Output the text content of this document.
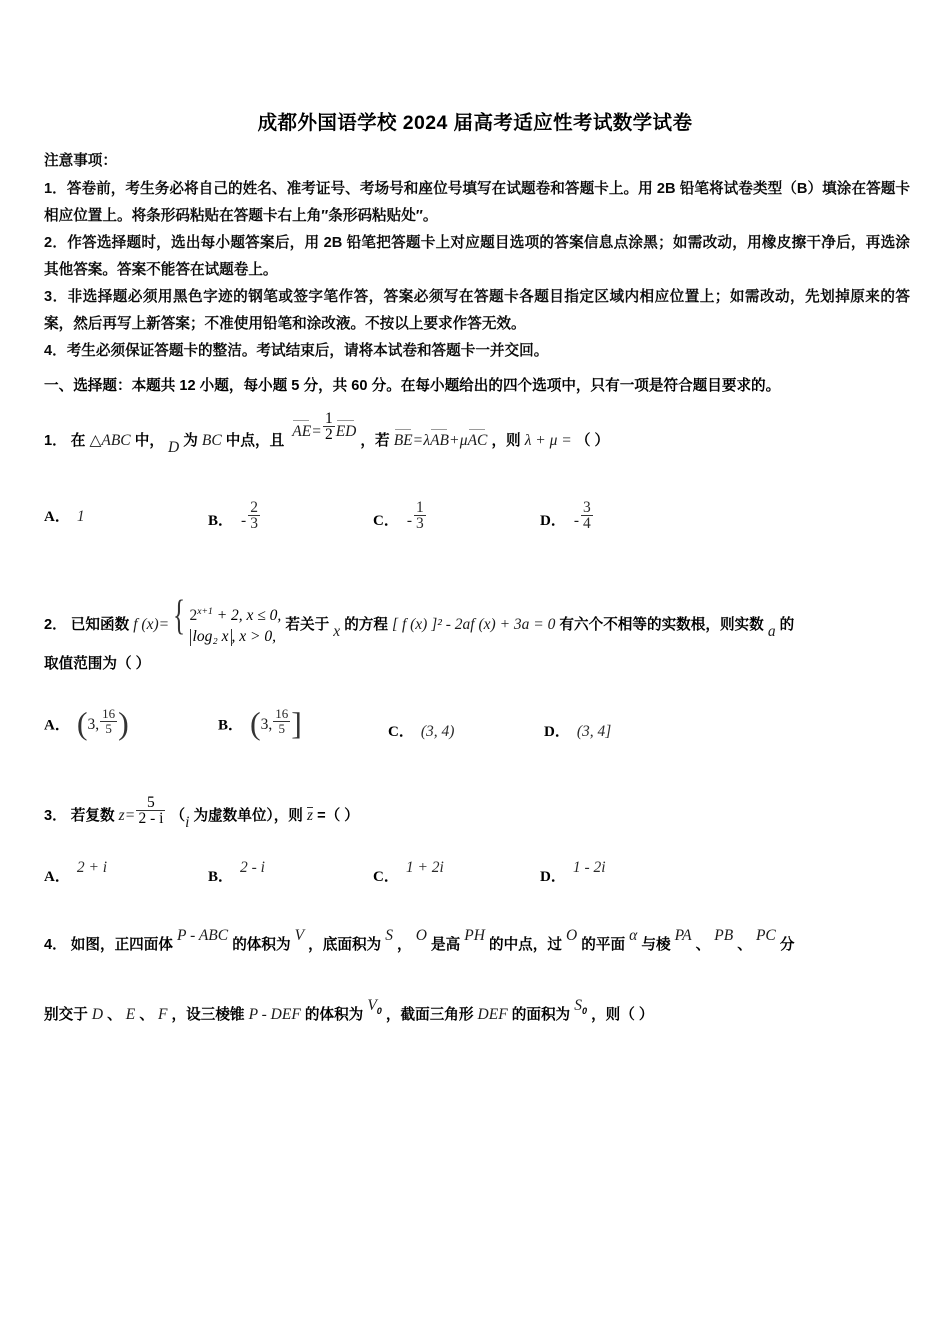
成都外国语学校 2024 届高考适应性考试数学试卷
注意事项：
1．答卷前，考生务必将自己的姓名、准考证号、考场号和座位号填写在试题卷和答题卡上。用 2B 铅笔将试卷类型（B）填涂在答题卡相应位置上。将条形码粘贴在答题卡右上角″条形码粘贴处″。
2．作答选择题时，选出每小题答案后，用 2B 铅笔把答题卡上对应题目选项的答案信息点涂黑；如需改动，用橡皮擦干净后，再选涂其他答案。答案不能答在试题卷上。
3．非选择题必须用黑色字迹的钢笔或签字笔作答，答案必须写在答题卡各题目指定区域内相应位置上；如需改动，先划掉原来的答案，然后再写上新答案；不准使用铅笔和涂改液。不按以上要求作答无效。
4．考生必须保证答题卡的整洁。考试结束后，请将本试卷和答题卡一并交回。
一、选择题：本题共 12 小题，每小题 5 分，共 60 分。在每小题给出的四个选项中，只有一项是符合题目要求的。
1． 在 △ABC 中， D 为 BC 中点，且 $AE= \frac{1}{2}$ ED ，若 BE=λAB+μAC ，则 λ + μ = （ ）
A． 1	B． - $\frac{2}{3}$	C． - $\frac{1}{3}$	D． - $\frac{3}{4}$
2． 已知函数 f (x)= { $2^{x+1} + 2$, x ≤ 0,
log₂ x , x > 0,
若关于 x 的方程 [ f (x) ]² - 2af (x) + 3a = 0 有六个不相等的实数根，则实数 a 的
取值范围为（ ）
A． (3, $\frac{16}{5}$ )	B． (3, $\frac{16}{5}$ ]	C． (3, 4)	D． (3, 4]
3． 若复数 $z= \frac{5}{2 - i} (i$ 为虚数单位），则 z =（ ）
A．2 + i
B．2 - i
C．1 + 2i
D．1 - 2i
4． 如图，正四面体 P - ABC 的体积为 V ，底面积为 S ， O 是高 PH 的中点，过 O 的平面 α 与棱 PA 、 PB 、 PC 分
别交于 D 、 E 、 F ，设三棱锥 P - DEF 的体积为 $V_0$ ，截面三角形 DEF 的面积为 $S_0$ ，则（ ）
